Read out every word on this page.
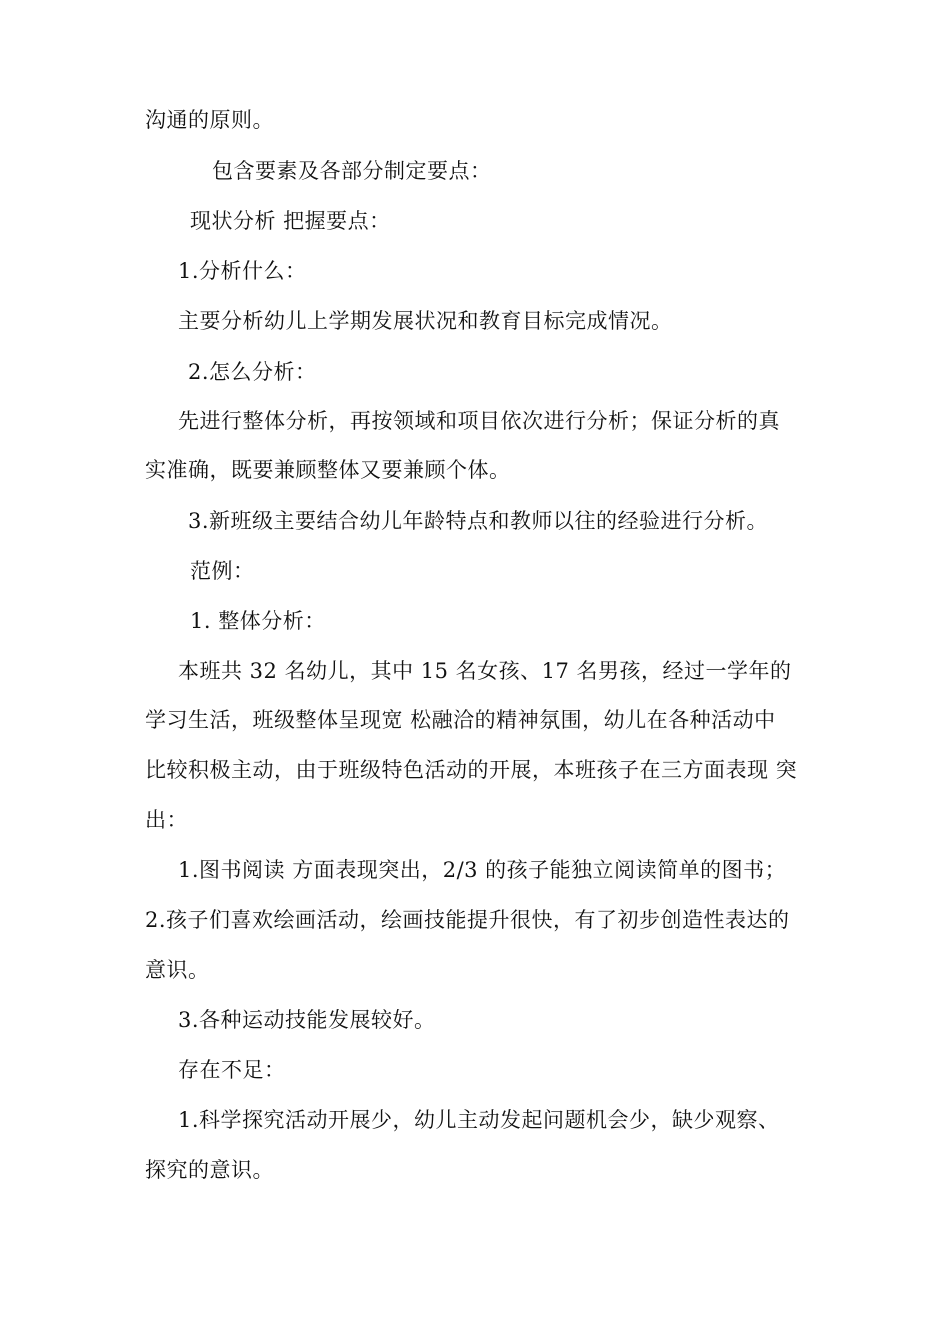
沟通的原则。
包含要素及各部分制定要点：
现状分析 把握要点：
1.分析什么：
主要分析幼儿上学期发展状况和教育目标完成情况。
2.怎么分析：
先进行整体分析，再按领域和项目依次进行分析；保证分析的真
实准确，既要兼顾整体又要兼顾个体。
3.新班级主要结合幼儿年龄特点和教师以往的经验进行分析。
范例：
1. 整体分析：
本班共 32 名幼儿，其中 15 名女孩、17 名男孩，经过一学年的
学习生活，班级整体呈现宽 松融洽的精神氛围，幼儿在各种活动中
比较积极主动，由于班级特色活动的开展，本班孩子在三方面表现 突
出：
1.图书阅读 方面表现突出，2/3 的孩子能独立阅读简单的图书；
2.孩子们喜欢绘画活动，绘画技能提升很快，有了初步创造性表达的
意识。
3.各种运动技能发展较好。
存在不足：
1.科学探究活动开展少，幼儿主动发起问题机会少，缺少观察、
探究的意识。
